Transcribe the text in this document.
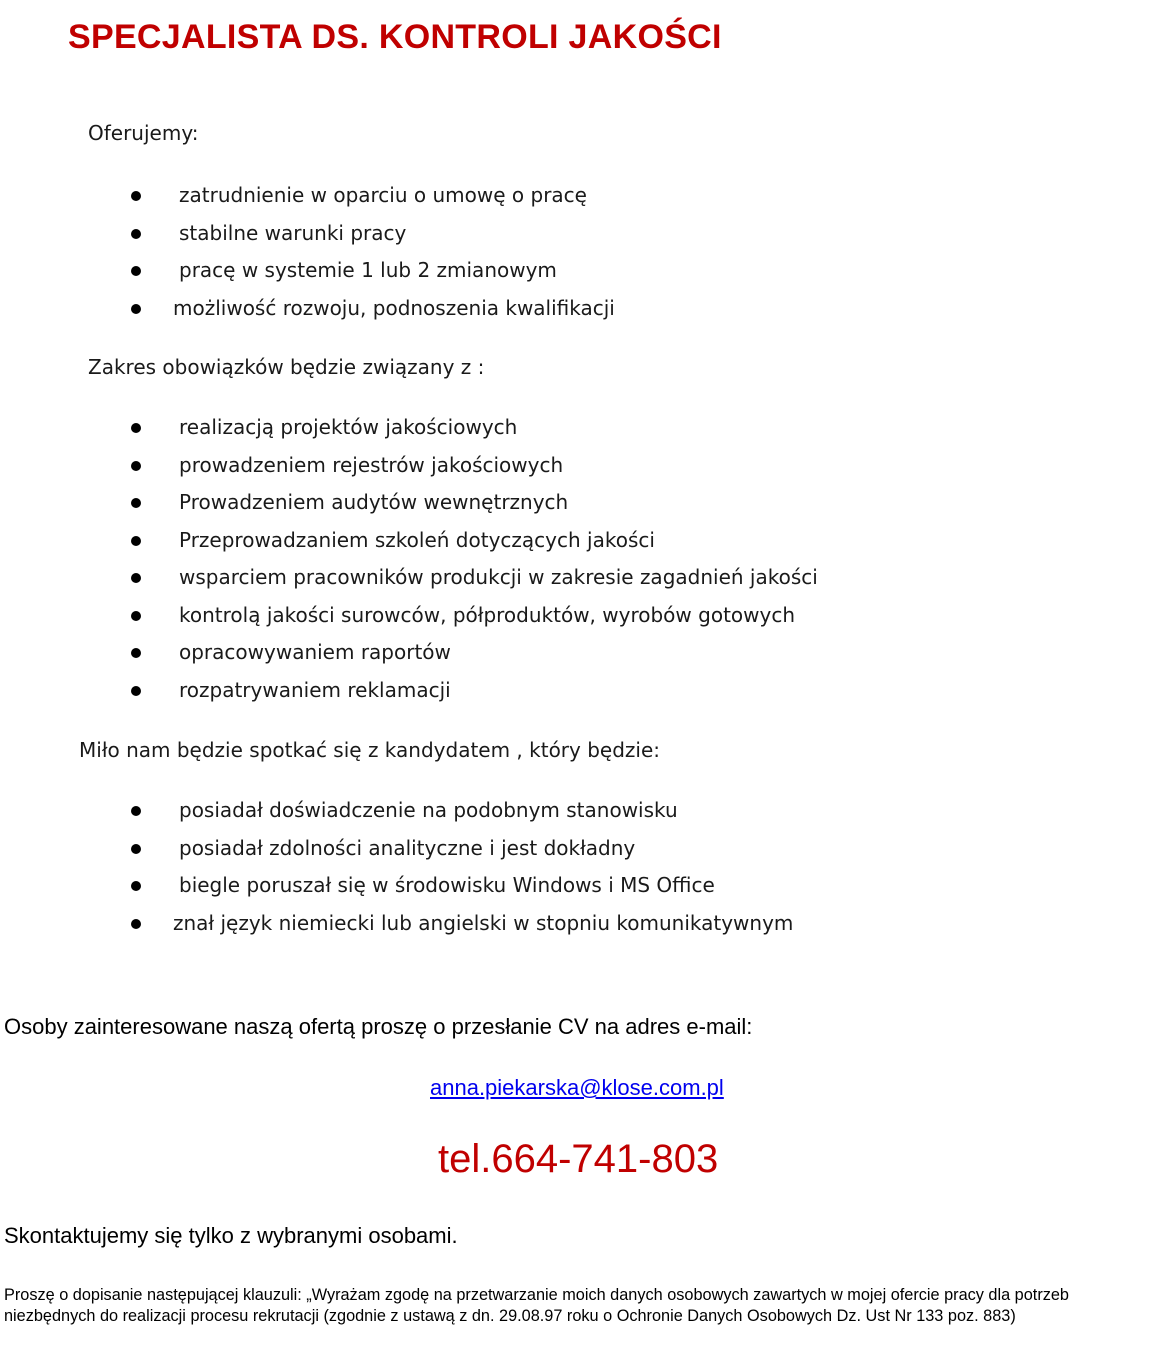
SPECJALISTA DS. KONTROLI JAKOŚCI

Oferujemy:

zatrudnienie w oparciu o umowę o pracę
stabilne warunki pracy
pracę w systemie 1 lub 2 zmianowym
możliwość rozwoju, podnoszenia kwalifikacji

Zakres obowiązków będzie związany z :

realizacją projektów jakościowych
prowadzeniem rejestrów jakościowych
Prowadzeniem audytów wewnętrznych
Przeprowadzaniem szkoleń dotyczących jakości
wsparciem pracowników produkcji w zakresie zagadnień jakości
kontrolą jakości surowców, półproduktów, wyrobów gotowych
opracowywaniem raportów
rozpatrywaniem reklamacji

Miło nam będzie spotkać się z kandydatem , który będzie:

posiadał doświadczenie na podobnym stanowisku
posiadał zdolności analityczne i jest dokładny
biegle poruszał się w środowisku Windows i MS Office
znał język niemiecki lub angielski w stopniu komunikatywnym

Osoby zainteresowane naszą ofertą proszę o przesłanie CV na adres e-mail:

anna.piekarska@klose.com.pl

tel.664-741-803

Skontaktujemy się tylko z wybranymi osobami.

Proszę o dopisanie następującej klauzuli: „Wyrażam zgodę na przetwarzanie moich danych osobowych zawartych w mojej ofercie pracy dla potrzeb niezbędnych do realizacji procesu rekrutacji (zgodnie z ustawą z dn. 29.08.97 roku o Ochronie Danych Osobowych Dz. Ust Nr 133 poz. 883)
